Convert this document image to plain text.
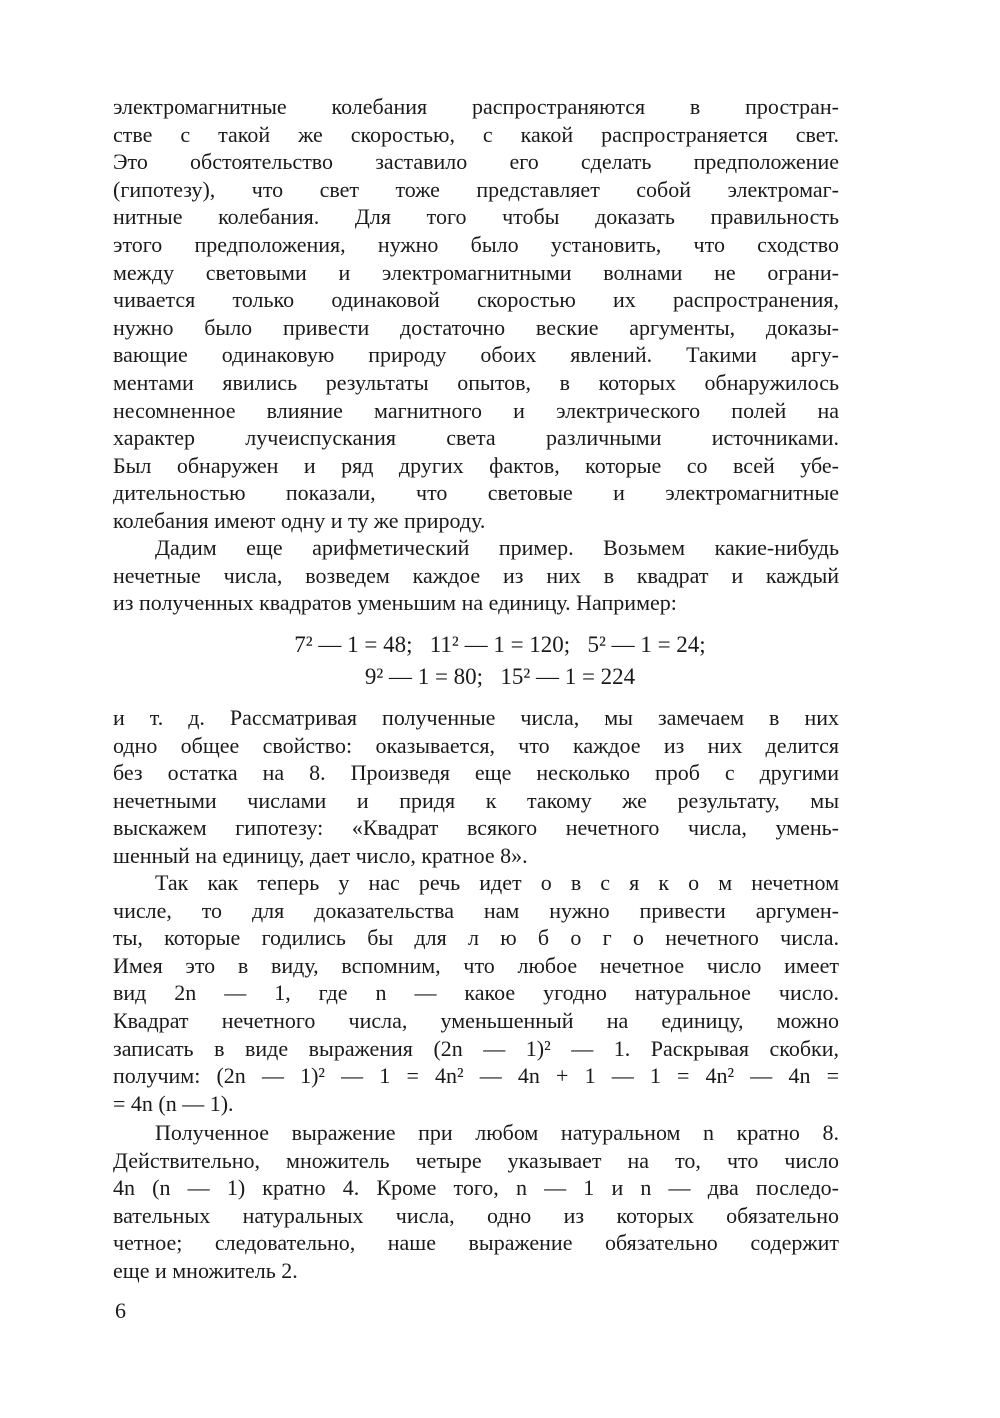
электромагнитные колебания распространяются в простран-
стве с такой же скоростью, с какой распространяется свет.
Это обстоятельство заставило его сделать предположение
(гипотезу), что свет тоже представляет собой электромаг-
нитные колебания. Для того чтобы доказать правильность
этого предположения, нужно было установить, что сходство
между световыми и электромагнитными волнами не ограни-
чивается только одинаковой скоростью их распространения,
нужно было привести достаточно веские аргументы, доказы-
вающие одинаковую природу обоих явлений. Такими аргу-
ментами явились результаты опытов, в которых обнаружилось
несомненное влияние магнитного и электрического полей на
характер лучеиспускания света различными источниками.
Был обнаружен и ряд других фактов, которые со всей убе-
дительностью показали, что световые и электромагнитные
колебания имеют одну и ту же природу.
Дадим еще арифметический пример. Возьмем какие-нибудь
нечетные числа, возведем каждое из них в квадрат и каждый
из полученных квадратов уменьшим на единицу. Например:
7² — 1 = 48;   11² — 1 = 120;   5² — 1 = 24;
9² — 1 = 80;   15² — 1 = 224
и т. д. Рассматривая полученные числа, мы замечаем в них
одно общее свойство: оказывается, что каждое из них делится
без остатка на 8. Произведя еще несколько проб с другими
нечетными числами и придя к такому же результату, мы
выскажем гипотезу: «Квадрат всякого нечетного числа, умень-
шенный на единицу, дает число, кратное 8».
Так как теперь у нас речь идет о в с я к о м нечетном
числе, то для доказательства нам нужно привести аргумен-
ты, которые годились бы для л ю б о г о нечетного числа.
Имея это в виду, вспомним, что любое нечетное число имеет
вид 2n — 1, где n — какое угодно натуральное число.
Квадрат нечетного числа, уменьшенный на единицу, можно
записать в виде выражения (2n — 1)² — 1. Раскрывая скобки,
получим: (2n — 1)² — 1 = 4n² — 4n + 1 — 1 = 4n² — 4n =
= 4n (n — 1).
Полученное выражение при любом натуральном n кратно 8.
Действительно, множитель четыре указывает на то, что число
4n (n — 1) кратно 4. Кроме того, n — 1 и n — два последо-
вательных натуральных числа, одно из которых обязательно
четное; следовательно, наше выражение обязательно содержит
еще и множитель 2.
6
